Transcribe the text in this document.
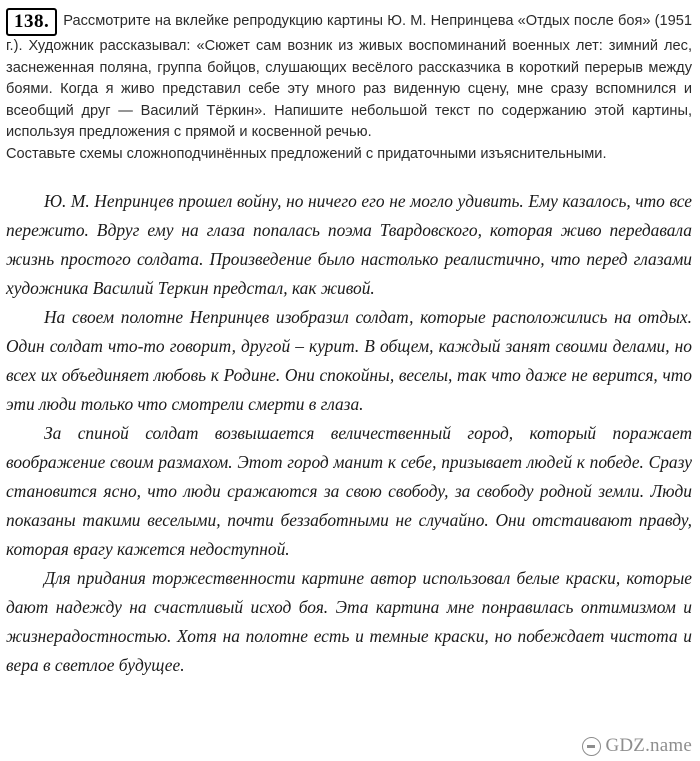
138. Рассмотрите на вклейке репродукцию картины Ю. М. Непринцева «Отдых после боя» (1951 г.). Художник рассказывал: «Сюжет сам возник из живых воспоминаний военных лет: зимний лес, заснеженная поляна, группа бойцов, слушающих весёлого рассказчика в короткий перерыв между боями. Когда я живо представил себе эту много раз виденную сцену, мне сразу вспомнился и всеобщий друг — Василий Тёркин». Напишите небольшой текст по содержанию этой картины, используя предложения с прямой и косвенной речью.
Составьте схемы сложноподчинённых предложений с придаточными изъяснительными.

Ю. М. Непринцев прошел войну, но ничего его не могло удивить. Ему казалось, что все пережито. Вдруг ему на глаза попалась поэма Твардовского, которая живо передавала жизнь простого солдата. Произведение было настолько реалистично, что перед глазами художника Василий Теркин предстал, как живой.

На своем полотне Непринцев изобразил солдат, которые расположились на отдых. Один солдат что-то говорит, другой – курит. В общем, каждый занят своими делами, но всех их объединяет любовь к Родине. Они спокойны, веселы, так что даже не верится, что эти люди только что смотрели смерти в глаза.

За спиной солдат возвышается величественный город, который поражает воображение своим размахом. Этот город манит к себе, призывает людей к победе. Сразу становится ясно, что люди сражаются за свою свободу, за свободу родной земли. Люди показаны такими веселыми, почти беззаботными не случайно. Они отстаивают правду, которая врагу кажется недоступной.

Для придания торжественности картине автор использовал белые краски, которые дают надежду на счастливый исход боя. Эта картина мне понравилась оптимизмом и жизнерадостностью. Хотя на полотне есть и темные краски, но побеждает чистота и вера в светлое будущее.

GDZ.name
